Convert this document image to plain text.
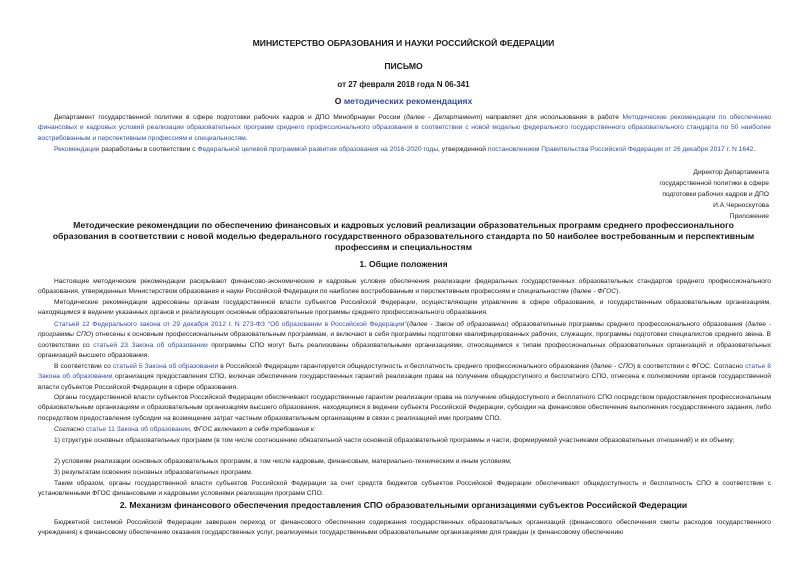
МИНИСТЕРСТВО ОБРАЗОВАНИЯ И НАУКИ РОССИЙСКОЙ ФЕДЕРАЦИИ
ПИСЬМО
от 27 февраля 2018 года N 06-341
О методических рекомендациях
Департамент государственной политики в сфере подготовки рабочих кадров и ДПО Минобрнауки России (далее - Департамент) направляет для использования в работе Методические рекомендации по обеспечению финансовых и кадровых условий реализации образовательных программ среднего профессионального образования в соответствии с новой моделью федерального государственного образовательного стандарта по 50 наиболее востребованным и перспективным профессиям и специальностям.
Рекомендации разработаны в соответствии с Федеральной целевой программой развития образования на 2016-2020 годы, утвержденной постановлением Правительства Российской Федерации от 26 декабря 2017 г. N 1642.
Директор Департамента
государственной политики в сфере
подготовки рабочих кадров и ДПО
И.А.Черноскутова
Приложение
Методические рекомендации по обеспечению финансовых и кадровых условий реализации образовательных программ среднего профессионального образования в соответствии с новой моделью федерального государственного образовательного стандарта по 50 наиболее востребованным и перспективным профессиям и специальностям
1. Общие положения
Настоящие методические рекомендации раскрывают финансово-экономические и кадровые условия обеспечения реализации федеральных государственных образовательных стандартов среднего профессионального образования, утвержденных Министерством образования и науки Российской Федерации по наиболее востребованным и перспективным профессиям и специальностям (далее - ФГОС).
Методические рекомендации адресованы органам государственной власти субъектов Российской Федерации, осуществляющим управление в сфере образования, и государственным образовательным организациям, находящимся в ведении указанных органов и реализующих основные образовательные программы среднего профессионального образования.
Статьей 12 Федерального закона от 29 декабря 2012 г. N 273-ФЗ "Об образовании в Российской Федерации"(далее - Закон об образовании) образовательные программы среднего профессионального образования (далее - программы СПО) отнесены к основным профессиональным образовательным программам, и включают в себя программы подготовки квалифицированных рабочих, служащих, программы подготовки специалистов среднего звена. В соответствии со статьей 23 Закона об образовании программы СПО могут быть реализованы образовательными организациями, относящимися к типам профессиональных образовательных организаций и образовательных организаций высшего образования.
В соответствии со статьей 5 Закона об образовании в Российской Федерации гарантируется общедоступность и бесплатность среднего профессионального образования (далее - СПО) в соответствии с ФГОС. Согласно статье 8 Закона об образовании организация предоставления СПО, включая обеспечение государственных гарантий реализации права на получение общедоступного и бесплатного СПО, отнесена к полномочиям органов государственной власти субъектов Российской Федерации в сфере образования.
Органы государственной власти субъектов Российской Федерации обеспечивают государственные гарантии реализации права на получение общедоступного и бесплатного СПО посредством предоставления профессиональным образовательным организациям и образовательным организациям высшего образования, находящимся в ведении субъекта Российской Федерации, субсидии на финансовое обеспечение выполнения государственного задания, либо посредством предоставления субсидии на возмещение затрат частным образовательным организациям в связи с реализацией ими программ СПО.
Согласно статье 11 Закона об образовании, ФГОС включают в себя требования к:
1) структуре основных образовательных программ (в том числе соотношению обязательной части основной образовательной программы и части, формируемой участниками образовательных отношений) и их объему;
2) условиям реализации основных образовательных программ, в том числе кадровым, финансовым, материально-техническим и иным условиям;
3) результатам освоения основных образовательных программ.
Таким образом, органы государственной власти субъектов Российской Федерации за счет средств бюджетов субъектов Российской Федерации обеспечивают общедоступность и бесплатность СПО в соответствии с установленными ФГОС финансовыми и кадровыми условиями реализации программ СПО.
2. Механизм финансового обеспечения предоставления СПО образовательными организациями субъектов Российской Федерации
Бюджетной системой Российской Федерации завершен переход от финансового обеспечения содержания государственных образовательных организаций (финансового обеспечения сметы расходов государственного учреждения) к финансовому обеспечению оказания государственных услуг, реализуемых государственными образовательными организациями для граждан (к финансовому обеспечению
